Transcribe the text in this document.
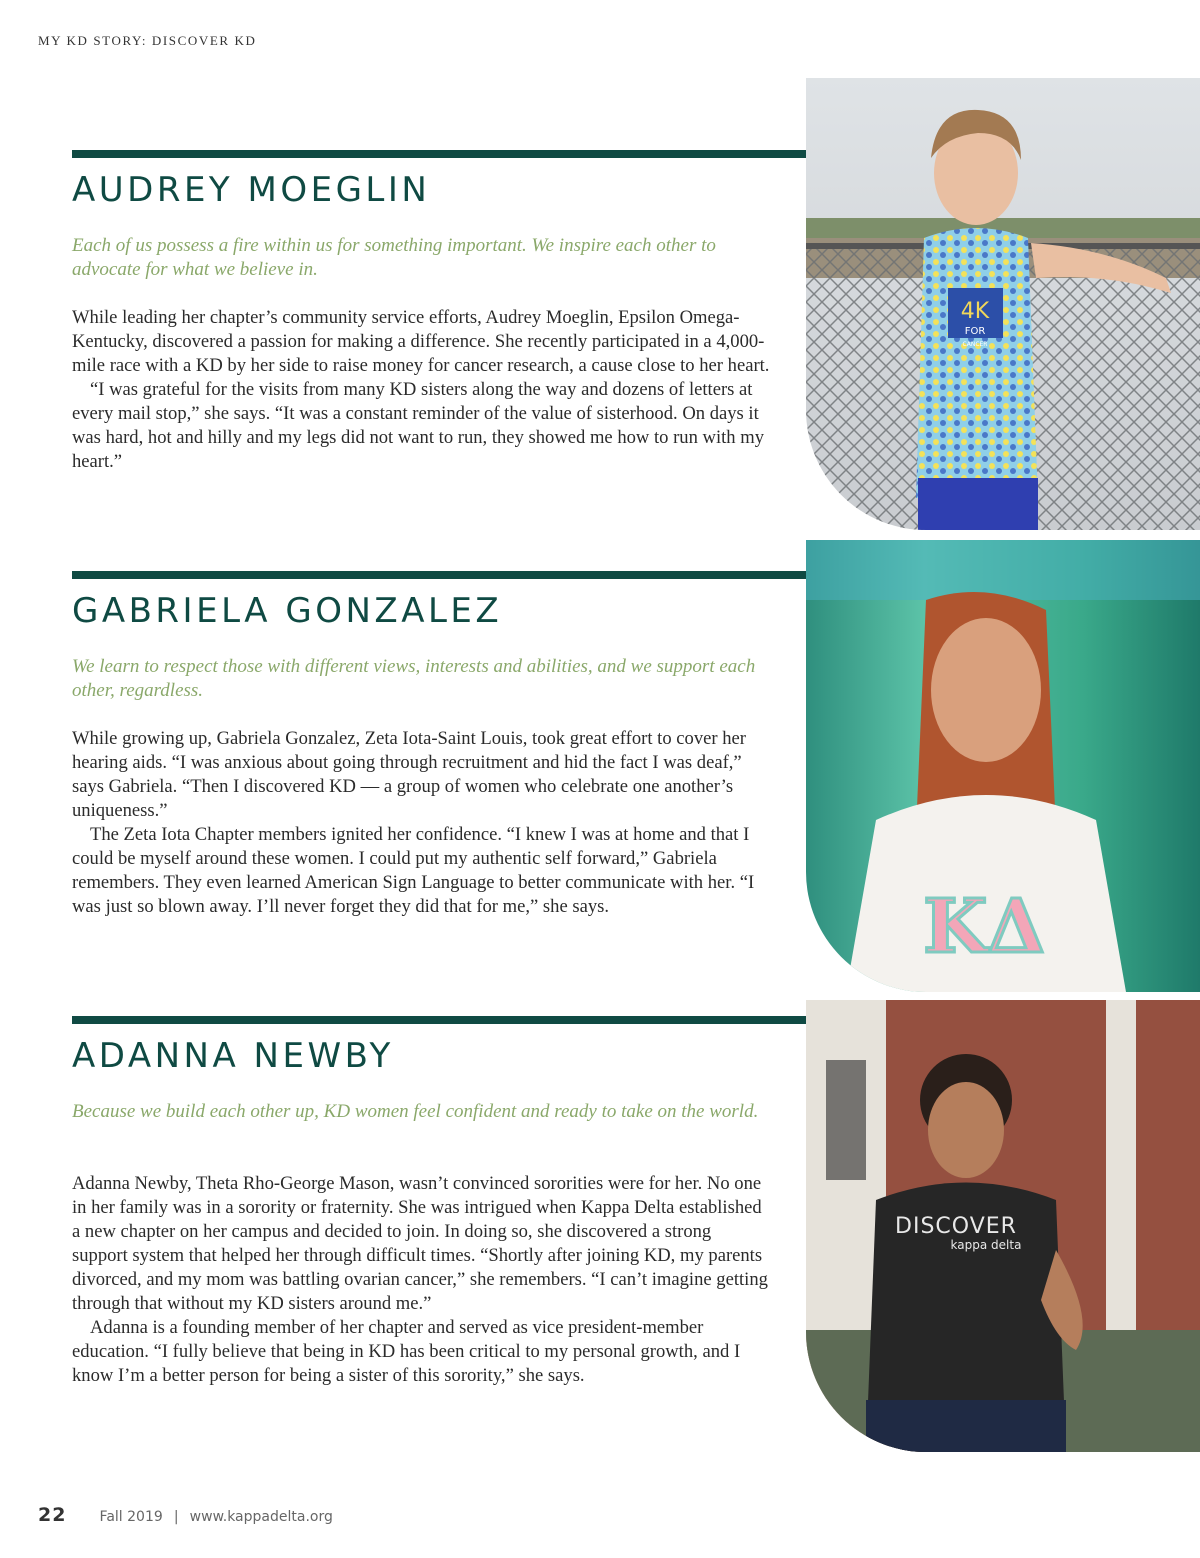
MY KD STORY: DISCOVER KD
AUDREY MOEGLIN

Each of us possess a fire within us for something important. We inspire each other to advocate for what we believe in.

While leading her chapter’s community service efforts, Audrey Moeglin, Epsilon Omega-Kentucky, discovered a passion for making a difference. She recently participated in a 4,000-mile race with a KD by her side to raise money for cancer research, a cause close to her heart.

“I was grateful for the visits from many KD sisters along the way and dozens of letters at every mail stop,” she says. “It was a constant reminder of the value of sisterhood. On days it was hard, hot and hilly and my legs did not want to run, they showed me how to run with my heart.”

4K
FOR
CANCER
GABRIELA GONZALEZ

We learn to respect those with different views, interests and abilities, and we support each other, regardless.

While growing up, Gabriela Gonzalez, Zeta Iota-Saint Louis, took great effort to cover her hearing aids. “I was anxious about going through recruitment and hid the fact I was deaf,” says Gabriela. “Then I discovered KD — a group of women who celebrate one another’s uniqueness.”

The Zeta Iota Chapter members ignited her confidence. “I knew I was at home and that I could be myself around these women. I could put my authentic self forward,” Gabriela remembers. They even learned American Sign Language to better communicate with her. “I was just so blown away. I’ll never forget they did that for me,” she says.	ΚΔ
ADANNA NEWBY

Because we build each other up, KD women feel confident and ready to take on the world.

Adanna Newby, Theta Rho-George Mason, wasn’t convinced sororities were for her. No one in her family was in a sorority or fraternity. She was intrigued when Kappa Delta established a new chapter on her campus and decided to join. In doing so, she discovered a strong support system that helped her through difficult times. “Shortly after joining KD, my parents divorced, and my mom was battling ovarian cancer,” she remembers. “I can’t imagine getting through that without my KD sisters around me.”

Adanna is a founding member of her chapter and served as vice president-member education. “I fully believe that being in KD has been critical to my personal growth, and I know I’m a better person for being a sister of this sorority,” she says.

DISCOVER
kappa delta
22 Fall 2019 | www.kappadelta.org
